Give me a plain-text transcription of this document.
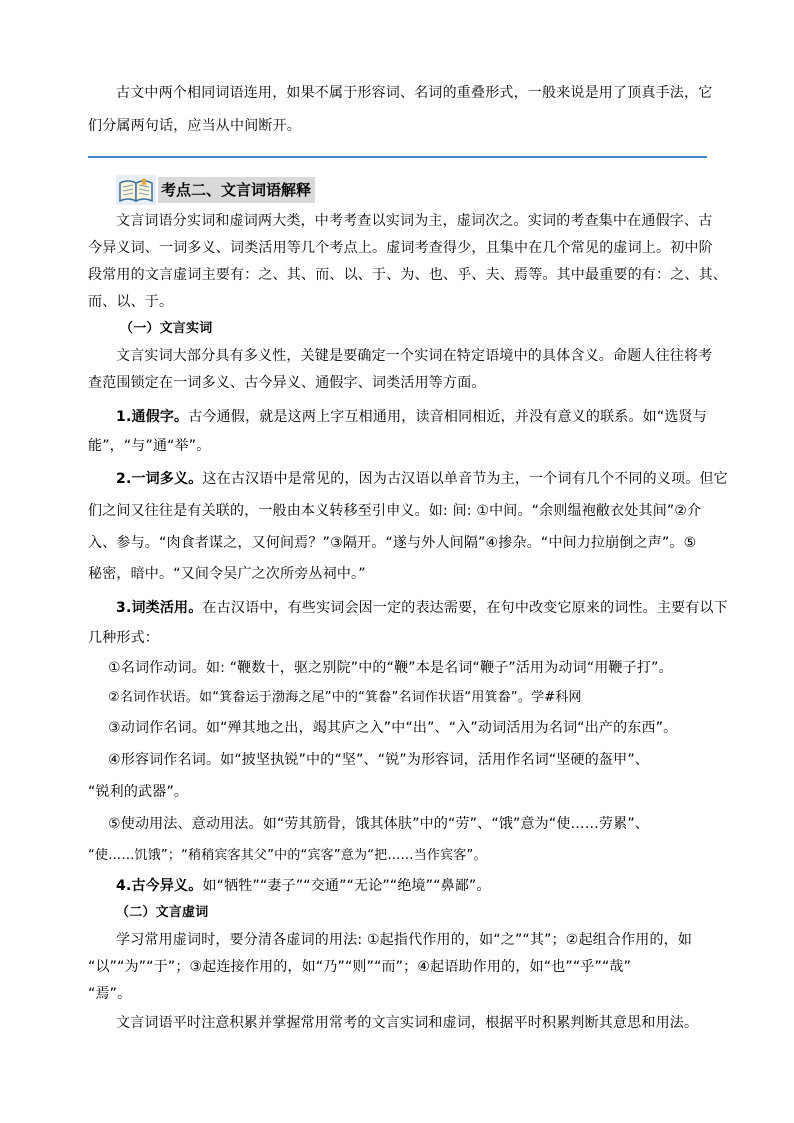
古文中两个相同词语连用，如果不属于形容词、名词的重叠形式，一般来说是用了顶真手法，它
们分属两句话，应当从中间断开。
考点二、文言词语解释
文言词语分实词和虚词两大类，中考考查以实词为主，虚词次之。实词的考查集中在通假字、古
今异义词、一词多义、词类活用等几个考点上。虚词考查得少，且集中在几个常见的虚词上。初中阶
段常用的文言虚词主要有：之、其、而、以、于、为、也、乎、夫、焉等。其中最重要的有：之、其、
而、以、于。
（一）文言实词
文言实词大部分具有多义性，关键是要确定一个实词在特定语境中的具体含义。命题人往往将考
查范围锁定在一词多义、古今异义、通假字、词类活用等方面。
1.通假字。古今通假，就是这两上字互相通用，读音相同相近，并没有意义的联系。如“选贤与
能”，“与”通“举”。
2.一词多义。这在古汉语中是常见的，因为古汉语以单音节为主，一个词有几个不同的义项。但它
们之间又往往是有关联的，一般由本义转移至引申义。如: 间: ①中间。“余则缊袍敝衣处其间”②介
入、参与。“肉食者谋之，又何间焉？”③隔开。“遂与外人间隔”④掺杂。“中间力拉崩倒之声”。⑤
秘密，暗中。“又间令吴广之次所旁丛祠中。”
3.词类活用。在古汉语中，有些实词会因一定的表达需要，在句中改变它原来的词性。主要有以下
几种形式：
①名词作动词。如: “鞭数十，驱之别院”中的“鞭”本是名词“鞭子”活用为动词“用鞭子打”。
②名词作状语。如“箕畚运于渤海之尾”中的“箕畚”名词作状语“用箕畚”。学#科网
③动词作名词。如“殚其地之出，竭其庐之入”中“出”、“入”动词活用为名词“出产的东西”。
④形容词作名词。如“披坚执锐”中的“坚”、“锐”为形容词，活用作名词“坚硬的盔甲”、
“锐利的武器”。
⑤使动用法、意动用法。如“劳其筋骨，饿其体肤”中的“劳”、“饿”意为“使……劳累”、
“使……饥饿”；“稍稍宾客其父”中的“宾客”意为“把……当作宾客”。
4.古今异义。如“牺牲”“妻子”“交通”“无论”“绝境”“鼻鄙”。
（二）文言虚词
学习常用虚词时，要分清各虚词的用法: ①起指代作用的，如“之”“其”；②起组合作用的，如
“以”“为”“于”；③起连接作用的，如“乃”“则”“而”；④起语助作用的，如“也”“乎”“哉”
“焉”。
文言词语平时注意积累并掌握常用常考的文言实词和虚词，根据平时积累判断其意思和用法。
